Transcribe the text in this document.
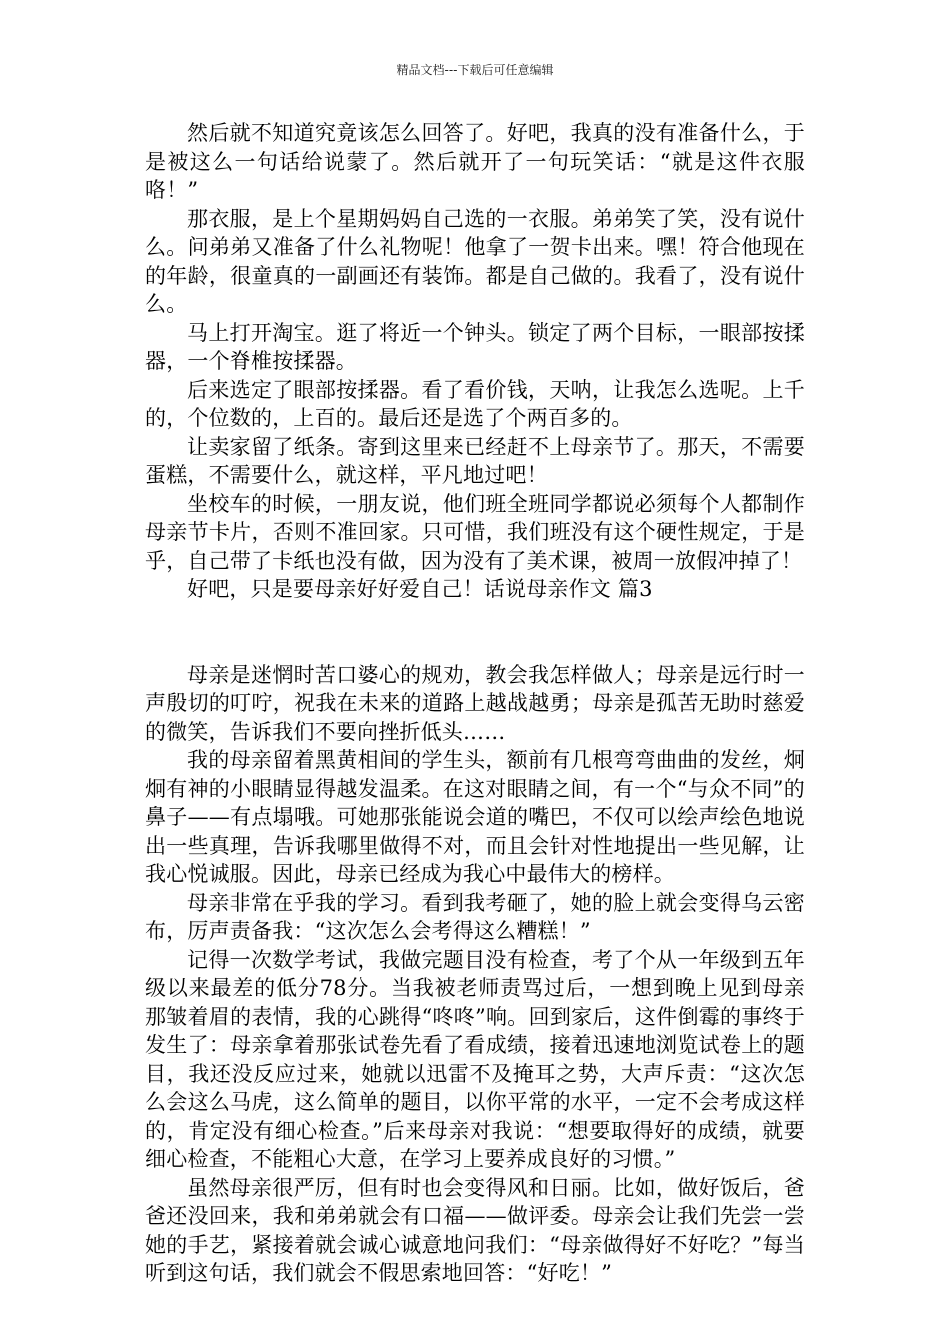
精品文档---下载后可任意编辑

然后就不知道究竟该怎么回答了。好吧，我真的没有准备什么，于是被这么一句话给说蒙了。然后就开了一句玩笑话：“就是这件衣服咯！”

那衣服，是上个星期妈妈自己选的一衣服。弟弟笑了笑，没有说什么。问弟弟又准备了什么礼物呢！他拿了一贺卡出来。嘿！符合他现在的年龄，很童真的一副画还有装饰。都是自己做的。我看了，没有说什么。

马上打开淘宝。逛了将近一个钟头。锁定了两个目标，一眼部按揉器，一个脊椎按揉器。

后来选定了眼部按揉器。看了看价钱，天呐，让我怎么选呢。上千的，个位数的，上百的。最后还是选了个两百多的。

让卖家留了纸条。寄到这里来已经赶不上母亲节了。那天，不需要蛋糕，不需要什么，就这样，平凡地过吧！

坐校车的时候，一朋友说，他们班全班同学都说必须每个人都制作母亲节卡片，否则不准回家。只可惜，我们班没有这个硬性规定，于是乎，自己带了卡纸也没有做，因为没有了美术课，被周一放假冲掉了！

好吧，只是要母亲好好爱自己！话说母亲作文 篇3

母亲是迷惘时苦口婆心的规劝，教会我怎样做人；母亲是远行时一声殷切的叮咛，祝我在未来的道路上越战越勇；母亲是孤苦无助时慈爱的微笑，告诉我们不要向挫折低头……

我的母亲留着黑黄相间的学生头，额前有几根弯弯曲曲的发丝，炯炯有神的小眼睛显得越发温柔。在这对眼睛之间，有一个“与众不同”的鼻子——有点塌哦。可她那张能说会道的嘴巴，不仅可以绘声绘色地说出一些真理，告诉我哪里做得不对，而且会针对性地提出一些见解，让我心悦诚服。因此，母亲已经成为我心中最伟大的榜样。

母亲非常在乎我的学习。看到我考砸了，她的脸上就会变得乌云密布，厉声责备我：“这次怎么会考得这么糟糕！”

记得一次数学考试，我做完题目没有检查，考了个从一年级到五年级以来最差的低分78分。当我被老师责骂过后，一想到晚上见到母亲那皱着眉的表情，我的心跳得“咚咚”响。回到家后，这件倒霉的事终于发生了：母亲拿着那张试卷先看了看成绩，接着迅速地浏览试卷上的题目，我还没反应过来，她就以迅雷不及掩耳之势，大声斥责：“这次怎么会这么马虎，这么简单的题目，以你平常的水平，一定不会考成这样的，肯定没有细心检查。”后来母亲对我说：“想要取得好的成绩，就要细心检查，不能粗心大意，在学习上要养成良好的习惯。”

虽然母亲很严厉，但有时也会变得风和日丽。比如，做好饭后，爸爸还没回来，我和弟弟就会有口福——做评委。母亲会让我们先尝一尝她的手艺，紧接着就会诚心诚意地问我们：“母亲做得好不好吃？”每当听到这句话，我们就会不假思索地回答：“好吃！”
